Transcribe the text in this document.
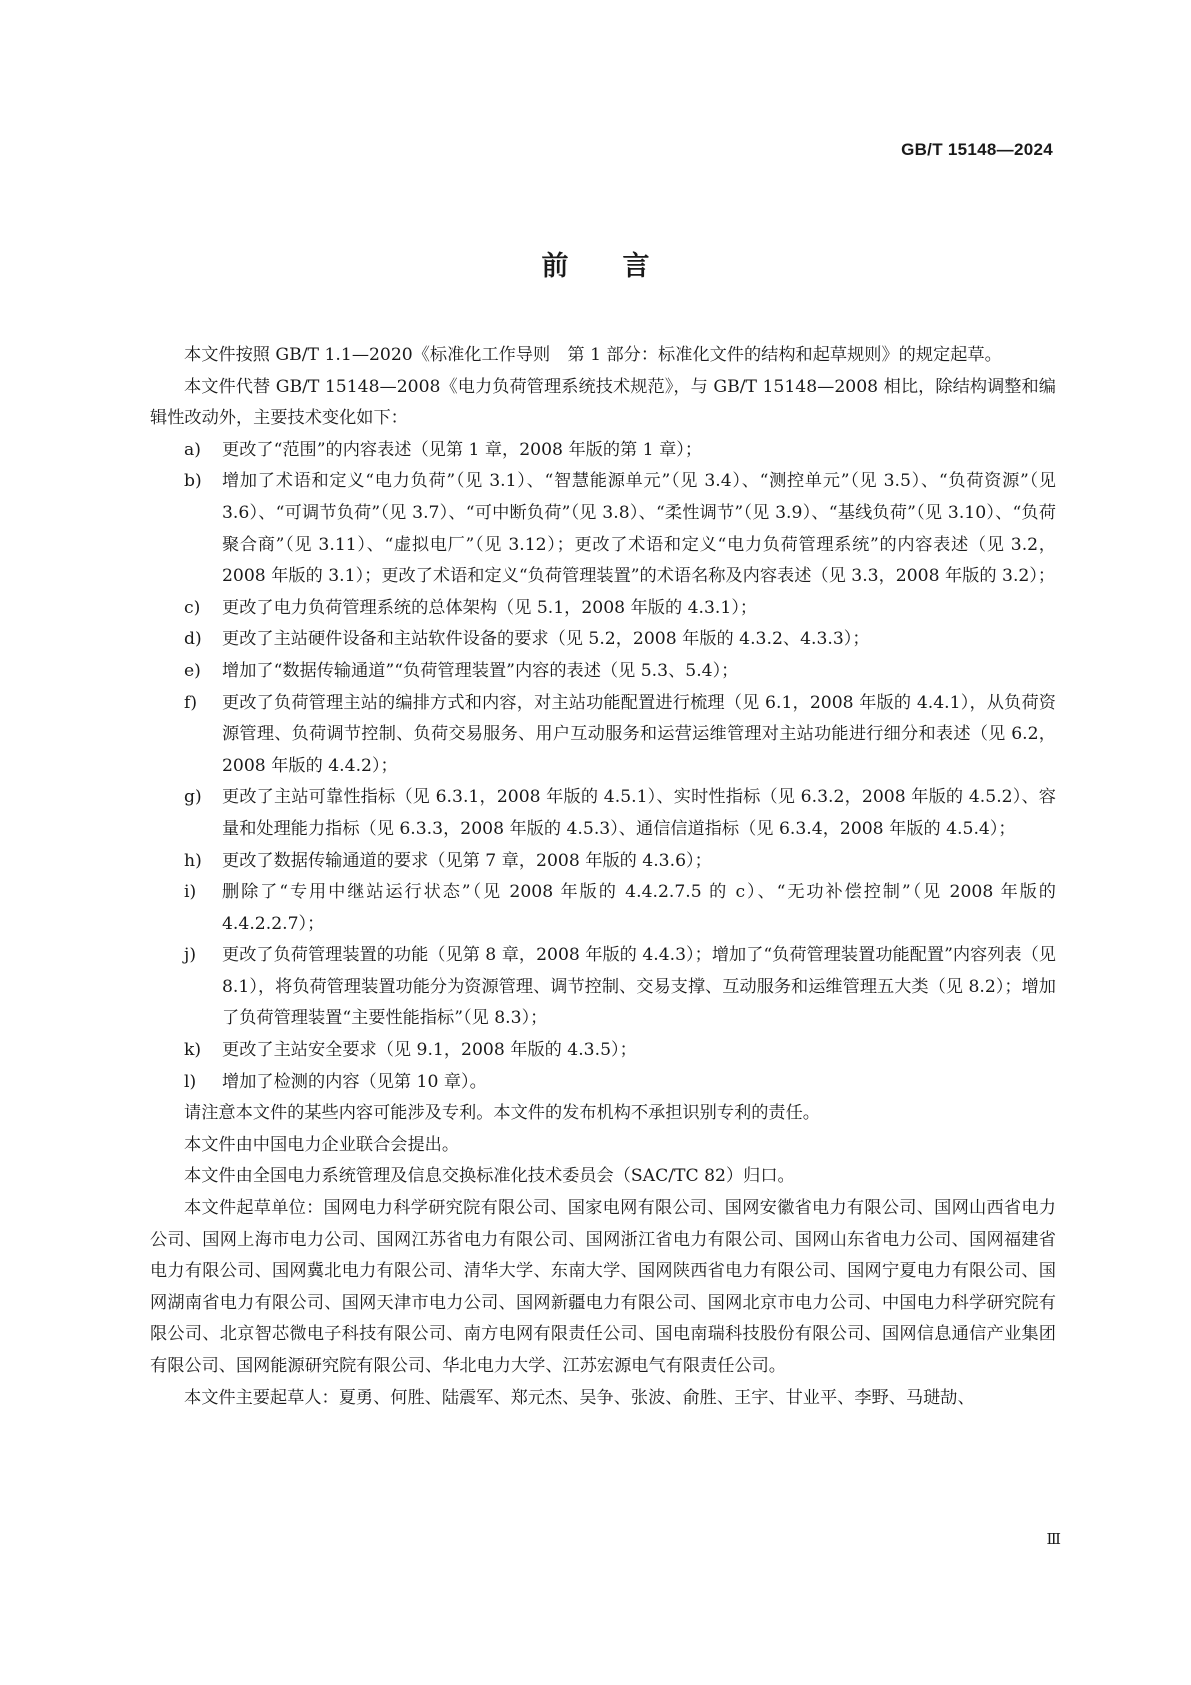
GB/T 15148—2024
前 言

本文件按照 GB/T 1.1—2020《标准化工作导则　第 1 部分：标准化文件的结构和起草规则》的规定起草。

本文件代替 GB/T 15148—2008《电力负荷管理系统技术规范》，与 GB/T 15148—2008 相比，除结构调整和编辑性改动外，主要技术变化如下：

a) 更改了“范围”的内容表述（见第 1 章，2008 年版的第 1 章）；
b) 增加了术语和定义“电力负荷”（见 3.1）、“智慧能源单元”（见 3.4）、“测控单元”（见 3.5）、“负荷资源”（见 3.6）、“可调节负荷”（见 3.7）、“可中断负荷”（见 3.8）、“柔性调节”（见 3.9）、“基线负荷”（见 3.10）、“负荷聚合商”（见 3.11）、“虚拟电厂”（见 3.12）；更改了术语和定义“电力负荷管理系统”的内容表述（见 3.2，2008 年版的 3.1）；更改了术语和定义“负荷管理装置”的术语名称及内容表述（见 3.3，2008 年版的 3.2）；
c) 更改了电力负荷管理系统的总体架构（见 5.1，2008 年版的 4.3.1）；
d) 更改了主站硬件设备和主站软件设备的要求（见 5.2，2008 年版的 4.3.2、4.3.3）；
e) 增加了“数据传输通道”“负荷管理装置”内容的表述（见 5.3、5.4）；
f) 更改了负荷管理主站的编排方式和内容，对主站功能配置进行梳理（见 6.1，2008 年版的 4.4.1），从负荷资源管理、负荷调节控制、负荷交易服务、用户互动服务和运营运维管理对主站功能进行细分和表述（见 6.2，2008 年版的 4.4.2）；
g) 更改了主站可靠性指标（见 6.3.1，2008 年版的 4.5.1）、实时性指标（见 6.3.2，2008 年版的 4.5.2）、容量和处理能力指标（见 6.3.3，2008 年版的 4.5.3）、通信信道指标（见 6.3.4，2008 年版的 4.5.4）；
h) 更改了数据传输通道的要求（见第 7 章，2008 年版的 4.3.6）；
i) 删除了“专用中继站运行状态”（见 2008 年版的 4.4.2.7.5 的 c）、“无功补偿控制”（见 2008 年版的 4.4.2.2.7）；
j) 更改了负荷管理装置的功能（见第 8 章，2008 年版的 4.4.3）；增加了“负荷管理装置功能配置”内容列表（见 8.1），将负荷管理装置功能分为资源管理、调节控制、交易支撑、互动服务和运维管理五大类（见 8.2）；增加了负荷管理装置“主要性能指标”（见 8.3）；
k) 更改了主站安全要求（见 9.1，2008 年版的 4.3.5）；
l) 增加了检测的内容（见第 10 章）。

请注意本文件的某些内容可能涉及专利。本文件的发布机构不承担识别专利的责任。

本文件由中国电力企业联合会提出。

本文件由全国电力系统管理及信息交换标准化技术委员会（SAC/TC 82）归口。

本文件起草单位：国网电力科学研究院有限公司、国家电网有限公司、国网安徽省电力有限公司、国网山西省电力公司、国网上海市电力公司、国网江苏省电力有限公司、国网浙江省电力有限公司、国网山东省电力公司、国网福建省电力有限公司、国网冀北电力有限公司、清华大学、东南大学、国网陕西省电力有限公司、国网宁夏电力有限公司、国网湖南省电力有限公司、国网天津市电力公司、国网新疆电力有限公司、国网北京市电力公司、中国电力科学研究院有限公司、北京智芯微电子科技有限公司、南方电网有限责任公司、国电南瑞科技股份有限公司、国网信息通信产业集团有限公司、国网能源研究院有限公司、华北电力大学、江苏宏源电气有限责任公司。

本文件主要起草人：夏勇、何胜、陆震军、郑元杰、吴争、张波、俞胜、王宇、甘业平、李野、马琎劼、

Ⅲ
